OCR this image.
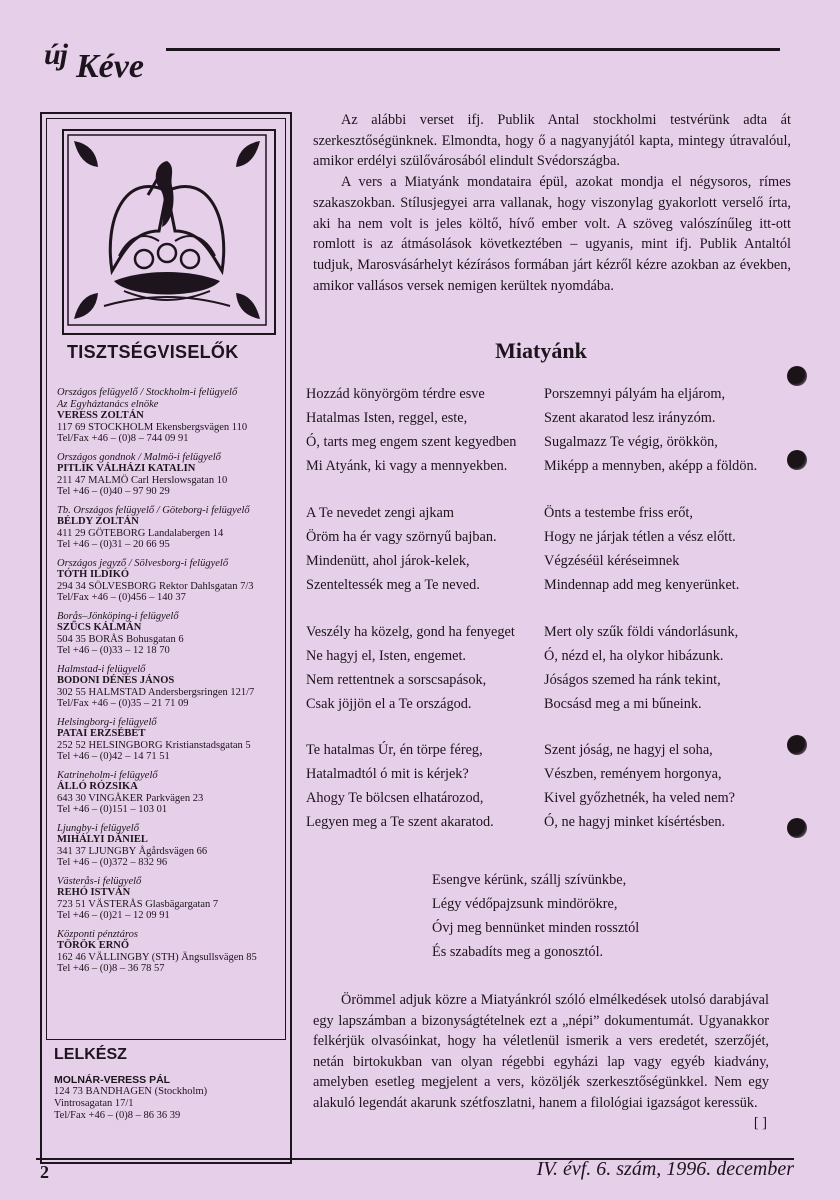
új Kéve
TISZTSÉGVISELŐK
Országos felügyelő / Stockholm-i felügyelő
Az Egyháztanács elnöke
VERESS ZOLTÁN
117 69 STOCKHOLM Ekensbergsvägen 110
Tel/Fax +46 – (0)8 – 744 09 91
Országos gondnok / Malmö-i felügyelő
PITLIK VÁLHÁZI KATALIN
211 47 MALMÖ Carl Herslowsgatan 10
Tel +46 – (0)40 – 97 90 29
Tb. Országos felügyelő / Göteborg-i felügyelő
BÉLDY ZOLTÁN
411 29 GÖTEBORG Landalabergen 14
Tel +46 – (0)31 – 20 66 95
Országos jegyző / Sölvesborg-i felügyelő
TÓTH ILDIKÓ
294 34 SÖLVESBORG Rektor Dahlsgatan 7/3
Tel/Fax +46 – (0)456 – 140 37
Borås–Jönköping-i felügyelő
SZŰCS KÁLMÁN
504 35 BORÅS Bohusgatan 6
Tel +46 – (0)33 – 12 18 70
Halmstad-i felügyelő
BODONI DÉNES JÁNOS
302 55 HALMSTAD Andersbergsringen 121/7
Tel/Fax +46 – (0)35 – 21 71 09
Helsingborg-i felügyelő
PATAI ERZSÉBET
252 52 HELSINGBORG Kristianstadsgatan 5
Tel +46 – (0)42 – 14 71 51
Katrineholm-i felügyelő
ÁLLÓ RÓZSIKA
643 30 VINGÅKER Parkvägen 23
Tel +46 – (0)151 – 103 01
Ljungby-i felügyelő
MIHÁLYI DÁNIEL
341 37 LJUNGBY Ågårdsvägen 66
Tel +46 – (0)372 – 832 96
Västerås-i felügyelő
REHÓ ISTVÁN
723 51 VÄSTERÅS Glasbägargatan 7
Tel +46 – (0)21 – 12 09 91
Központi pénztáros
TÖRÖK ERNŐ
162 46 VÄLLINGBY (STH) Ängsullsvägen 85
Tel +46 – (0)8 – 36 78 57
LELKÉSZ
MOLNÁR-VERESS PÁL
124 73 BANDHAGEN (Stockholm)
Vintrosagatan 17/1
Tel/Fax +46 – (0)8 – 86 36 39

Az alábbi verset ifj. Publik Antal stockholmi testvérünk adta át szerkesztőségünknek. Elmondta, hogy ő a nagyanyjától kapta, mintegy útravalóul, amikor erdélyi szülővárosából elindult Svédországba.

A vers a Miatyánk mondataira épül, azokat mondja el négysoros, rímes szakaszokban. Stílusjegyei arra vallanak, hogy viszonylag gyakorlott verselő írta, aki ha nem volt is jeles költő, hívő ember volt. A szöveg valószínűleg itt-ott romlott is az átmásolások következtében – ugyanis, mint ifj. Publik Antaltól tudjuk, Marosvásárhelyt kézírásos formában járt kézről kézre azokban az években, amikor vallásos versek nemigen kerültek nyomdába.

Miatyánk
Hozzád könyörgöm térdre esve
Hatalmas Isten, reggel, este,
Ó, tarts meg engem szent kegyedben
Mi Atyánk, ki vagy a mennyekben.
A Te nevedet zengi ajkam
Öröm ha ér vagy szörnyű bajban.
Mindenütt, ahol járok-kelek,
Szenteltessék meg a Te neved.
Veszély ha közelg, gond ha fenyeget
Ne hagyj el, Isten, engemet.
Nem rettentnek a sorscsapások,
Csak jöjjön el a Te országod.
Te hatalmas Úr, én törpe féreg,
Hatalmadtól ó mit is kérjek?
Ahogy Te bölcsen elhatározod,
Legyen meg a Te szent akaratod.
Porszemnyi pályám ha eljárom,
Szent akaratod lesz irányzóm.
Sugalmazz Te végig, örökkön,
Miképp a mennyben, aképp a földön.
Önts a testembe friss erőt,
Hogy ne járjak tétlen a vész előtt.
Végzéséül kéréseimnek
Mindennap add meg kenyerünket.
Mert oly szűk földi vándorlásunk,
Ó, nézd el, ha olykor hibázunk.
Jóságos szemed ha ránk tekint,
Bocsásd meg a mi bűneink.
Szent jóság, ne hagyj el soha,
Vészben, reményem horgonya,
Kivel győzhetnék, ha veled nem?
Ó, ne hagyj minket kísértésben.
Esengve kérünk, szállj szívünkbe,
Légy védőpajzsunk mindörökre,
Óvj meg bennünket minden rossztól
És szabadíts meg a gonosztól.

Örömmel adjuk közre a Miatyánkról szóló elmélkedések utolsó darabjával egy lapszámban a bizonyságtételnek ezt a „népi” dokumentumát. Ugyanakkor felkérjük olvasóinkat, hogy ha véletlenül ismerik a vers eredetét, szerzőjét, netán birtokukban van olyan régebbi egyházi lap vagy egyéb kiadvány, amelyben esetleg megjelent a vers, közöljék szerkesztőségünkkel. Nem egy alakuló legendát akarunk szétfoszlatni, hanem a filológiai igazságot keressük.
[ ]

2	IV. évf. 6. szám, 1996. december
